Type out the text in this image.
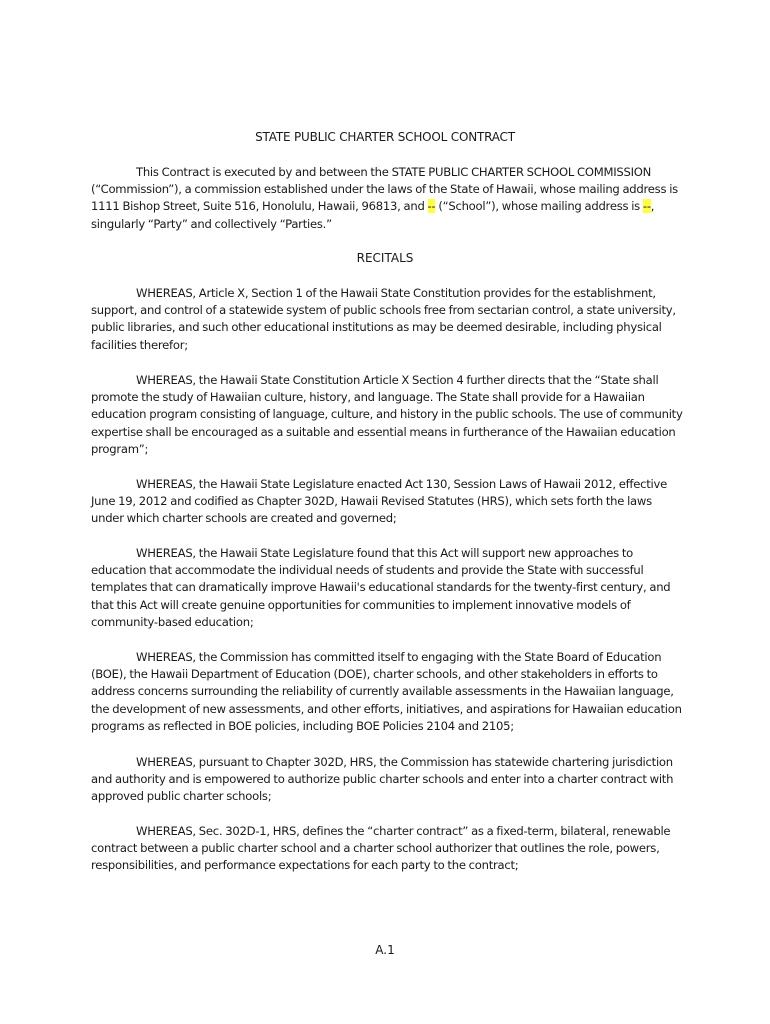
STATE PUBLIC CHARTER SCHOOL CONTRACT

This Contract is executed by and between the STATE PUBLIC CHARTER SCHOOL COMMISSION (“Commission”), a commission established under the laws of the State of Hawaii, whose mailing address is 1111 Bishop Street, Suite 516, Honolulu, Hawaii, 96813, and -- (“School”), whose mailing address is --, singularly “Party” and collectively “Parties.”

RECITALS

WHEREAS, Article X, Section 1 of the Hawaii State Constitution provides for the establishment, support, and control of a statewide system of public schools free from sectarian control, a state university, public libraries, and such other educational institutions as may be deemed desirable, including physical facilities therefor;

WHEREAS, the Hawaii State Constitution Article X Section 4 further directs that the “State shall promote the study of Hawaiian culture, history, and language. The State shall provide for a Hawaiian education program consisting of language, culture, and history in the public schools. The use of community expertise shall be encouraged as a suitable and essential means in furtherance of the Hawaiian education program”;

WHEREAS, the Hawaii State Legislature enacted Act 130, Session Laws of Hawaii 2012, effective June 19, 2012 and codified as Chapter 302D, Hawaii Revised Statutes (HRS), which sets forth the laws under which charter schools are created and governed;

WHEREAS, the Hawaii State Legislature found that this Act will support new approaches to education that accommodate the individual needs of students and provide the State with successful templates that can dramatically improve Hawaii's educational standards for the twenty-first century, and that this Act will create genuine opportunities for communities to implement innovative models of community-based education;

WHEREAS, the Commission has committed itself to engaging with the State Board of Education (BOE), the Hawaii Department of Education (DOE), charter schools, and other stakeholders in efforts to address concerns surrounding the reliability of currently available assessments in the Hawaiian language, the development of new assessments, and other efforts, initiatives, and aspirations for Hawaiian education programs as reflected in BOE policies, including BOE Policies 2104 and 2105;

WHEREAS, pursuant to Chapter 302D, HRS, the Commission has statewide chartering jurisdiction and authority and is empowered to authorize public charter schools and enter into a charter contract with approved public charter schools;

WHEREAS, Sec. 302D-1, HRS, defines the “charter contract” as a fixed-term, bilateral, renewable contract between a public charter school and a charter school authorizer that outlines the role, powers, responsibilities, and performance expectations for each party to the contract;

A.1
